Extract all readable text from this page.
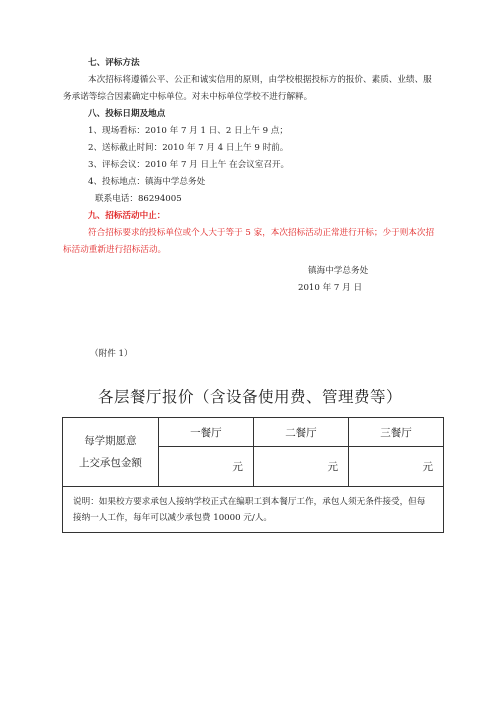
七、评标方法
本次招标将遵循公平、公正和诚实信用的原则，由学校根据投标方的报价、素质、业绩、服
务承诺等综合因素确定中标单位。对未中标单位学校不进行解释。
八、投标日期及地点
1、现场看标：2010 年 7 月 1 日、2 日上午 9 点；
2、送标截止时间：2010 年 7 月 4 日上午 9 时前。
3、评标会议：2010 年 7 月 日上午 在会议室召开。
4、投标地点：镇海中学总务处
联系电话：86294005
九、招标活动中止：
符合招标要求的投标单位或个人大于等于 5 家，本次招标活动正常进行开标；少于则本次招
标活动重新进行招标活动。
镇海中学总务处
2010 年 7 月 日
（附件 1）
各层餐厅报价（含设备使用费、管理费等）
每学期愿意
上交承包金额	一餐厅	二餐厅	三餐厅
	元	元	元
说明：如果校方要求承包人接纳学校正式在编职工到本餐厅工作，承包人须无条件接受，但每接纳一人工作，每年可以减少承包费 10000 元/人。			
